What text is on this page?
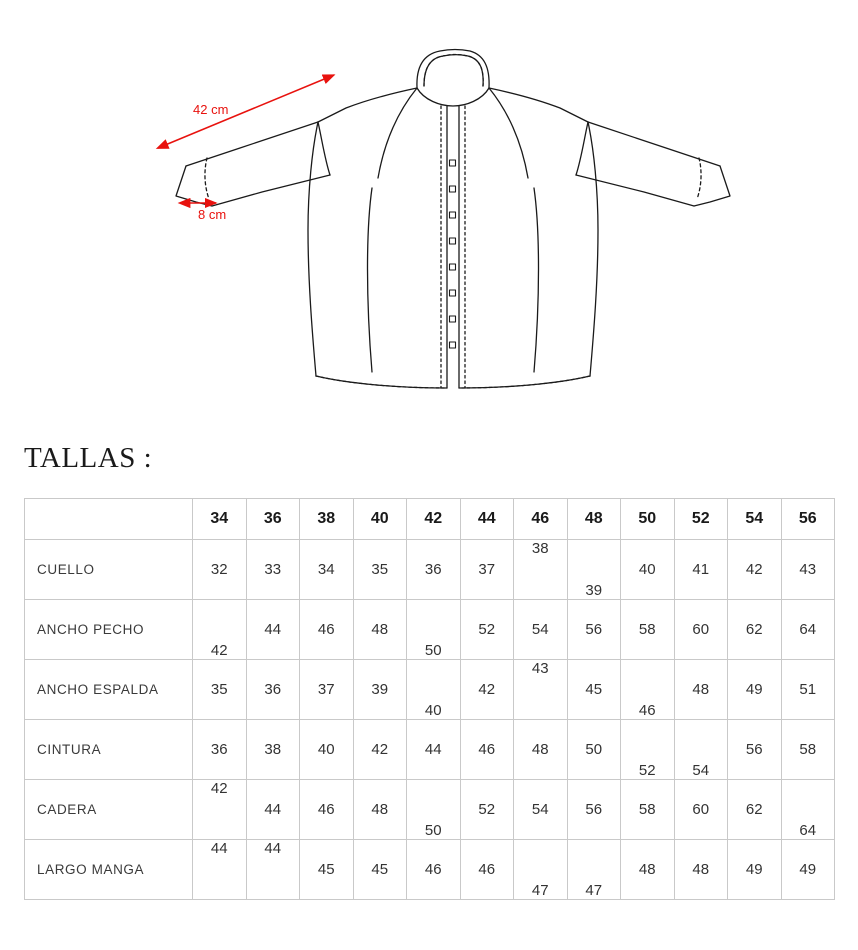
42 cm
8 cm
TALLAS :
	34	36	38	40	42	44	46	48	50	52	54	56
CUELLO	32	33	34	35	36	37	38	39	40	41	42	43
ANCHO PECHO	42	44	46	48	50	52	54	56	58	60	62	64
ANCHO ESPALDA	35	36	37	39	40	42	43	45	46	48	49	51
CINTURA	36	38	40	42	44	46	48	50	52	54	56	58
CADERA	42	44	46	48	50	52	54	56	58	60	62	64
LARGO MANGA	44	44	45	45	46	46	47	47	48	48	49	49
